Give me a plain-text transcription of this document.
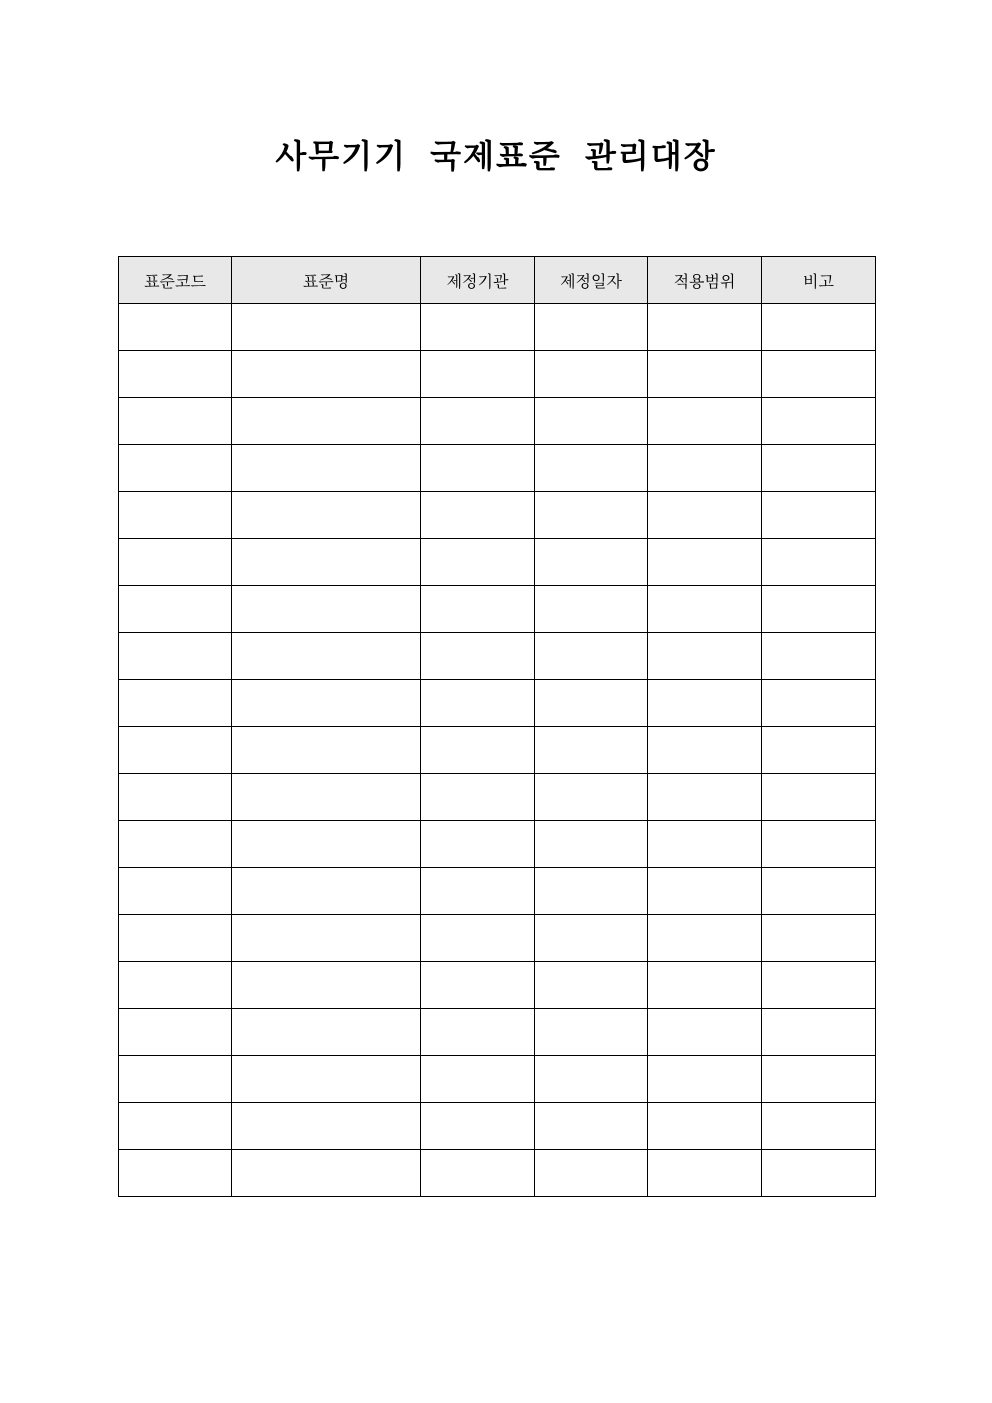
사무기기 국제표준 관리대장
표준코드	표준명	제정기관	제정일자	적용범위	비고
